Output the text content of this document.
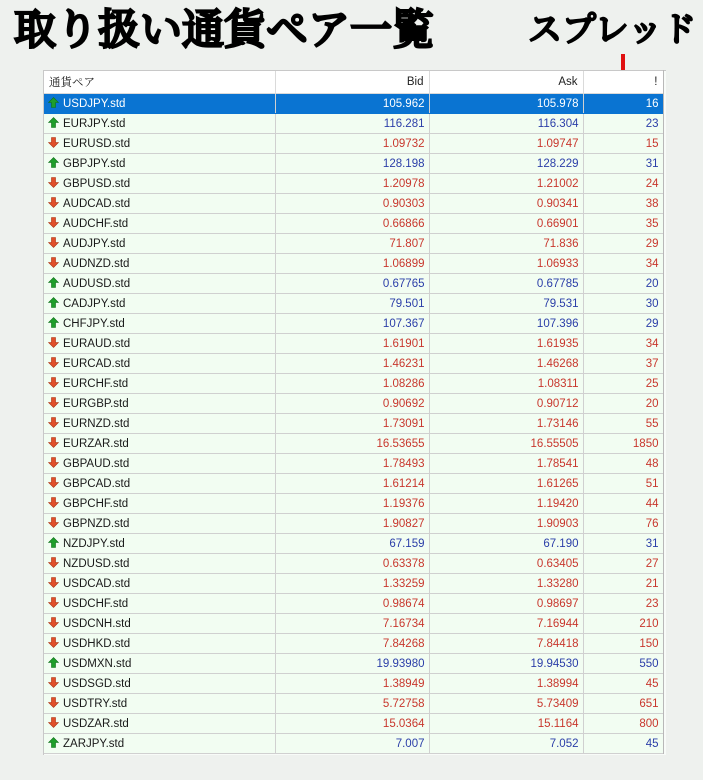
取り扱い通貨ペア一覧	スプレッド
通貨ペア	Bid	Ask	!

USDJPY.std	105.962	105.978	16

EURJPY.std	116.281	116.304	23

EURUSD.std	1.09732	1.09747	15

GBPJPY.std	128.198	128.229	31

GBPUSD.std	1.20978	1.21002	24

AUDCAD.std	0.90303	0.90341	38

AUDCHF.std	0.66866	0.66901	35

AUDJPY.std	71.807	71.836	29

AUDNZD.std	1.06899	1.06933	34

AUDUSD.std	0.67765	0.67785	20

CADJPY.std	79.501	79.531	30

CHFJPY.std	107.367	107.396	29

EURAUD.std	1.61901	1.61935	34

EURCAD.std	1.46231	1.46268	37

EURCHF.std	1.08286	1.08311	25

EURGBP.std	0.90692	0.90712	20

EURNZD.std	1.73091	1.73146	55

EURZAR.std	16.53655	16.55505	1850

GBPAUD.std	1.78493	1.78541	48

GBPCAD.std	1.61214	1.61265	51

GBPCHF.std	1.19376	1.19420	44

GBPNZD.std	1.90827	1.90903	76

NZDJPY.std	67.159	67.190	31

NZDUSD.std	0.63378	0.63405	27

USDCAD.std	1.33259	1.33280	21

USDCHF.std	0.98674	0.98697	23

USDCNH.std	7.16734	7.16944	210

USDHKD.std	7.84268	7.84418	150

USDMXN.std	19.93980	19.94530	550

USDSGD.std	1.38949	1.38994	45

USDTRY.std	5.72758	5.73409	651

USDZAR.std	15.0364	15.1164	800

ZARJPY.std	7.007	7.052	45
